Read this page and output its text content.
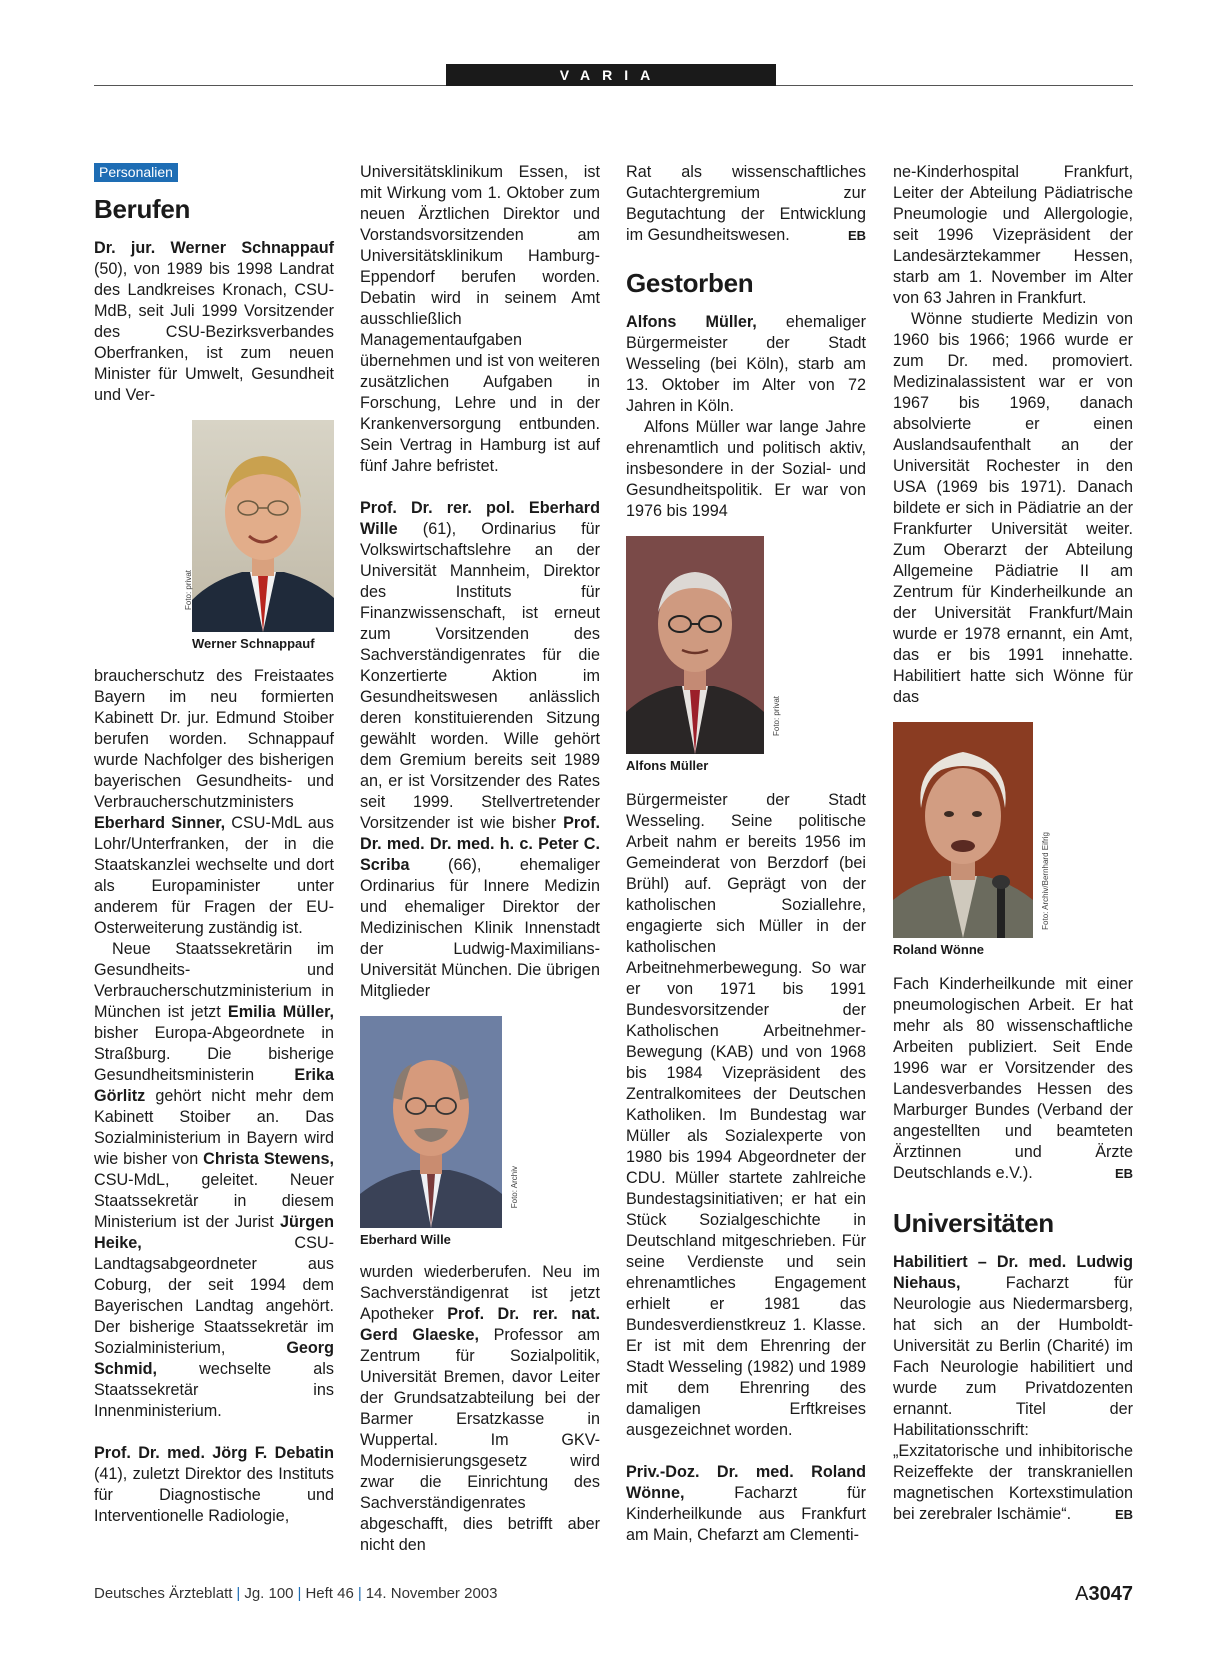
VARIA
Personalien
Berufen

Dr. jur. Werner Schnappauf (50), von 1989 bis 1998 Landrat des Landkreises Kronach, CSU-MdB, seit Juli 1999 Vorsitzender des CSU-Bezirksverbandes Oberfranken, ist zum neuen Minister für Umwelt, Gesundheit und Ver-

Foto: privat
Werner Schnappauf

braucherschutz des Freistaates Bayern im neu formierten Kabinett Dr. jur. Edmund Stoiber berufen worden. Schnappauf wurde Nachfolger des bisherigen bayerischen Gesundheits- und Verbraucherschutzministers Eberhard Sinner, CSU-MdL aus Lohr/Unterfranken, der in die Staatskanzlei wechselte und dort als Europaminister unter anderem für Fragen der EU-Osterweiterung zuständig ist.

Neue Staatssekretärin im Gesundheits- und Verbraucherschutzministerium in München ist jetzt Emilia Müller, bisher Europa-Abgeordnete in Straßburg. Die bisherige Gesundheitsministerin Erika Görlitz gehört nicht mehr dem Kabinett Stoiber an. Das Sozialministerium in Bayern wird wie bisher von Christa Stewens, CSU-MdL, geleitet. Neuer Staatssekretär in diesem Ministerium ist der Jurist Jürgen Heike, CSU-Landtagsabgeordneter aus Coburg, der seit 1994 dem Bayerischen Landtag angehört. Der bisherige Staatssekretär im Sozialministerium, Georg Schmid, wechselte als Staatssekretär ins Innenministerium.

Prof. Dr. med. Jörg F. Debatin (41), zuletzt Direktor des Instituts für Diagnostische und Interventionelle Radiologie,

Universitätsklinikum Essen, ist mit Wirkung vom 1. Oktober zum neuen Ärztlichen Direktor und Vorstandsvorsitzenden am Universitätsklinikum Hamburg-Eppendorf berufen worden. Debatin wird in seinem Amt ausschließlich Managementaufgaben übernehmen und ist von weiteren zusätzlichen Aufgaben in Forschung, Lehre und in der Krankenversorgung entbunden. Sein Vertrag in Hamburg ist auf fünf Jahre befristet.

Prof. Dr. rer. pol. Eberhard Wille (61), Ordinarius für Volkswirtschaftslehre an der Universität Mannheim, Direktor des Instituts für Finanzwissenschaft, ist erneut zum Vorsitzenden des Sachverständigenrates für die Konzertierte Aktion im Gesundheitswesen anlässlich deren konstituierenden Sitzung gewählt worden. Wille gehört dem Gremium bereits seit 1989 an, er ist Vorsitzender des Rates seit 1999. Stellvertretender Vorsitzender ist wie bisher Prof. Dr. med. Dr. med. h. c. Peter C. Scriba (66), ehemaliger Ordinarius für Innere Medizin und ehemaliger Direktor der Medizinischen Klinik Innenstadt der Ludwig-Maximilians-Universität München. Die übrigen Mitglieder

Foto: Archiv
Eberhard Wille

wurden wiederberufen. Neu im Sachverständigenrat ist jetzt Apotheker Prof. Dr. rer. nat. Gerd Glaeske, Professor am Zentrum für Sozialpolitik, Universität Bremen, davor Leiter der Grundsatzabteilung bei der Barmer Ersatzkasse in Wuppertal. Im GKV-Modernisierungsgesetz wird zwar die Einrichtung des Sachverständigenrates abgeschafft, dies betrifft aber nicht den

Rat als wissenschaftliches Gutachtergremium zur Begutachtung der Entwicklung im Gesundheitswesen.	EB

Gestorben

Alfons Müller, ehemaliger Bürgermeister der Stadt Wesseling (bei Köln), starb am 13. Oktober im Alter von 72 Jahren in Köln.

Alfons Müller war lange Jahre ehrenamtlich und politisch aktiv, insbesondere in der Sozial- und Gesundheitspolitik. Er war von 1976 bis 1994

Foto: privat
Alfons Müller

Bürgermeister der Stadt Wesseling. Seine politische Arbeit nahm er bereits 1956 im Gemeinderat von Berzdorf (bei Brühl) auf. Geprägt von der katholischen Soziallehre, engagierte sich Müller in der katholischen Arbeitnehmerbewegung. So war er von 1971 bis 1991 Bundesvorsitzender der Katholischen Arbeitnehmer-Bewegung (KAB) und von 1968 bis 1984 Vizepräsident des Zentralkomitees der Deutschen Katholiken. Im Bundestag war Müller als Sozialexperte von 1980 bis 1994 Abgeordneter der CDU. Müller startete zahlreiche Bundestagsinitiativen; er hat ein Stück Sozialgeschichte in Deutschland mitgeschrieben. Für seine Verdienste und sein ehrenamtliches Engagement erhielt er 1981 das Bundesverdienstkreuz 1. Klasse. Er ist mit dem Ehrenring der Stadt Wesseling (1982) und 1989 mit dem Ehrenring des damaligen Erftkreises ausgezeichnet worden.

Priv.-Doz. Dr. med. Roland Wönne, Facharzt für Kinderheilkunde aus Frankfurt am Main, Chefarzt am Clementi-

ne-Kinderhospital Frankfurt, Leiter der Abteilung Pädiatrische Pneumologie und Allergologie, seit 1996 Vizepräsident der Landesärztekammer Hessen, starb am 1. November im Alter von 63 Jahren in Frankfurt.

Wönne studierte Medizin von 1960 bis 1966; 1966 wurde er zum Dr. med. promoviert. Medizinalassistent war er von 1967 bis 1969, danach absolvierte er einen Auslandsaufenthalt an der Universität Rochester in den USA (1969 bis 1971). Danach bildete er sich in Pädiatrie an der Frankfurter Universität weiter. Zum Oberarzt der Abteilung Allgemeine Pädiatrie II am Zentrum für Kinderheilkunde an der Universität Frankfurt/Main wurde er 1978 ernannt, ein Amt, das er bis 1991 innehatte. Habilitiert hatte sich Wönne für das

Foto: Archiv/Bernhard Eifrig
Roland Wönne

Fach Kinderheilkunde mit einer pneumologischen Arbeit. Er hat mehr als 80 wissenschaftliche Arbeiten publiziert. Seit Ende 1996 war er Vorsitzender des Landesverbandes Hessen des Marburger Bundes (Verband der angestellten und beamteten Ärztinnen und Ärzte Deutschlands e.V.).	EB

Universitäten

Habilitiert – Dr. med. Ludwig Niehaus, Facharzt für Neurologie aus Niedermarsberg, hat sich an der Humboldt-Universität zu Berlin (Charité) im Fach Neurologie habilitiert und wurde zum Privatdozenten ernannt. Titel der Habilitationsschrift: „Exzitatorische und inhibitorische Reizeffekte der transkraniellen magnetischen Kortexstimulation bei zerebraler Ischämie“.	EB

Deutsches Ärzteblatt | Jg. 100 | Heft 46 | 14. November 2003	A3047
